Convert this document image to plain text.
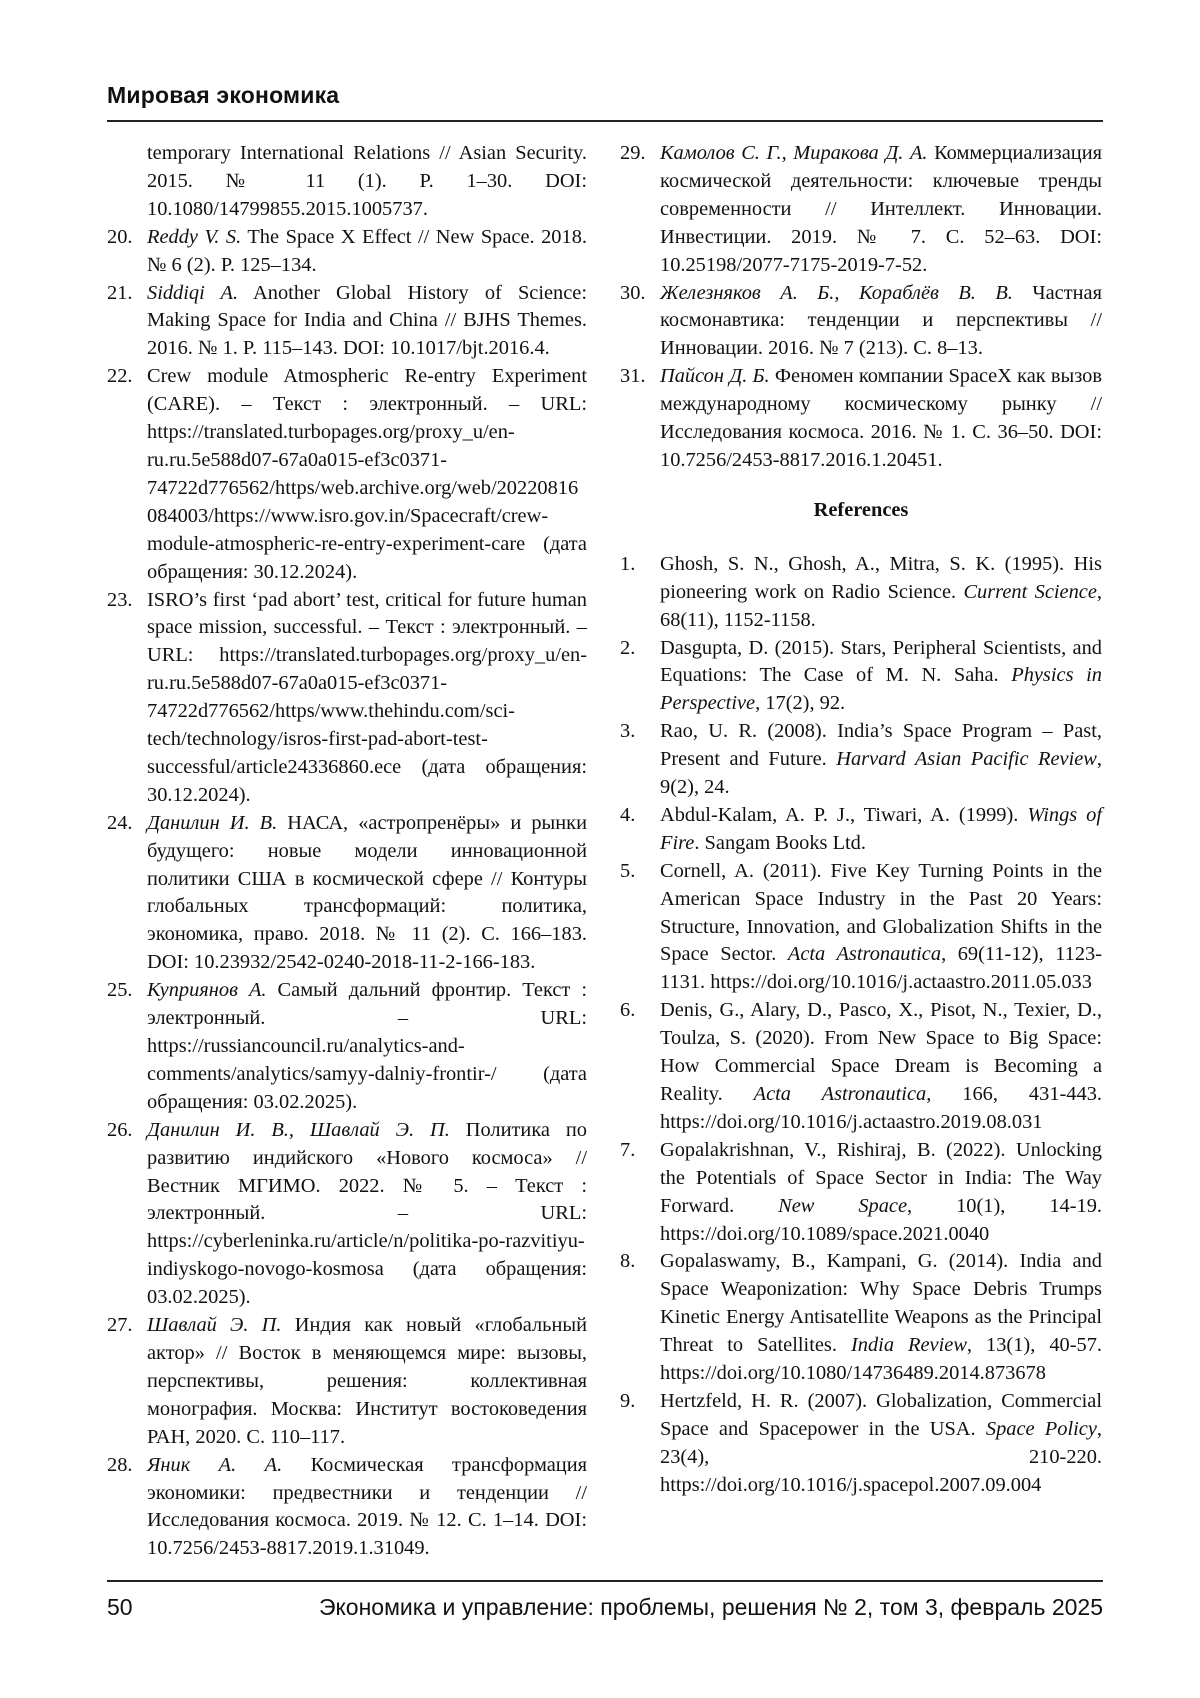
Мировая экономика
temporary International Relations // Asian Security. 2015. № 11 (1). P. 1–30. DOI: 10.1080/14799855.2015.1005737.
20. Reddy V. S. The Space X Effect // New Space. 2018. № 6 (2). P. 125–134.
21. Siddiqi A. Another Global History of Science: Making Space for India and China // BJHS Themes. 2016. № 1. P. 115–143. DOI: 10.1017/bjt.2016.4.
22. Crew module Atmospheric Re-entry Experiment (CARE). – Текст : электронный. – URL: https://translated.turbopages.org/proxy_u/en-ru.ru.5e588d07-67a0a015-ef3c0371-74722d776562/https/web.archive.org/web/20220816084003/https://www.isro.gov.in/Spacecraft/crew-module-atmospheric-re-entry-experiment-care (дата обращения: 30.12.2024).
23. ISRO’s first ‘pad abort’ test, critical for future human space mission, successful. – Текст : электронный. – URL: https://translated.turbopages.org/proxy_u/en-ru.ru.5e588d07-67a0a015-ef3c0371-74722d776562/https/www.thehindu.com/sci-tech/technology/isros-first-pad-abort-test-successful/article24336860.ece (дата обращения: 30.12.2024).
24. Данилин И. В. НАСА, «астропренёры» и рынки будущего: новые модели инновационной политики США в космической сфере // Контуры глобальных трансформаций: политика, экономика, право. 2018. № 11 (2). С. 166–183. DOI: 10.23932/2542-0240-2018-11-2-166-183.
25. Куприянов А. Самый дальний фронтир. Текст : электронный. – URL: https://russiancouncil.ru/analytics-and-comments/analytics/samyy-dalniy-frontir-/ (дата обращения: 03.02.2025).
26. Данилин И. В., Шавлай Э. П. Политика по развитию индийского «Нового космоса» // Вестник МГИМО. 2022. № 5. – Текст : электронный. – URL: https://cyberleninka.ru/article/n/politika-po-razvitiyu-indiyskogo-novogo-kosmosa (дата обращения: 03.02.2025).
27. Шавлай Э. П. Индия как новый «глобальный актор» // Восток в меняющемся мире: вызовы, перспективы, решения: коллективная монография. Москва: Институт востоковедения РАН, 2020. С. 110–117.
28. Яник А. А. Космическая трансформация экономики: предвестники и тенденции // Исследования космоса. 2019. № 12. С. 1–14. DOI: 10.7256/2453-8817.2019.1.31049.
29. Камолов С. Г., Миракова Д. А. Коммерциализация космической деятельности: ключевые тренды современности // Интеллект. Инновации. Инвестиции. 2019. № 7. С. 52–63. DOI: 10.25198/2077-7175-2019-7-52.
30. Железняков А. Б., Кораблёв В. В. Частная космонавтика: тенденции и перспективы // Инновации. 2016. № 7 (213). С. 8–13.
31. Пайсон Д. Б. Феномен компании SpaceX как вызов международному космическому рынку // Исследования космоса. 2016. № 1. С. 36–50. DOI: 10.7256/2453-8817.2016.1.20451.
References
1.	Ghosh, S. N., Ghosh, A., Mitra, S. K. (1995). His pioneering work on Radio Science. Current Science, 68(11), 1152-1158.
2.	Dasgupta, D. (2015). Stars, Peripheral Scientists, and Equations: The Case of M. N. Saha. Physics in Perspective, 17(2), 92.
3.	Rao, U. R. (2008). India’s Space Program – Past, Present and Future. Harvard Asian Pacific Review, 9(2), 24.
4.	Abdul-Kalam, A. P. J., Tiwari, A. (1999). Wings of Fire. Sangam Books Ltd.
5.	Cornell, A. (2011). Five Key Turning Points in the American Space Industry in the Past 20 Years: Structure, Innovation, and Globalization Shifts in the Space Sector. Acta Astronautica, 69(11-12), 1123-1131. https://doi.org/10.1016/j.actaastro.2011.05.033
6.	Denis, G., Alary, D., Pasco, X., Pisot, N., Texier, D., Toulza, S. (2020). From New Space to Big Space: How Commercial Space Dream is Becoming a Reality. Acta Astronautica, 166, 431-443. https://doi.org/10.1016/j.actaastro.2019.08.031
7.	Gopalakrishnan, V., Rishiraj, B. (2022). Unlocking the Potentials of Space Sector in India: The Way Forward. New Space, 10(1), 14-19. https://doi.org/10.1089/space.2021.0040
8.	Gopalaswamy, B., Kampani, G. (2014). India and Space Weaponization: Why Space Debris Trumps Kinetic Energy Antisatellite Weapons as the Principal Threat to Satellites. India Review, 13(1), 40-57. https://doi.org/10.1080/14736489.2014.873678
9.	Hertzfeld, H. R. (2007). Globalization, Commercial Space and Spacepower in the USA. Space Policy, 23(4), 210-220. https://doi.org/10.1016/j.spacepol.2007.09.004
50	Экономика и управление: проблемы, решения № 2, том 3, февраль 2025
